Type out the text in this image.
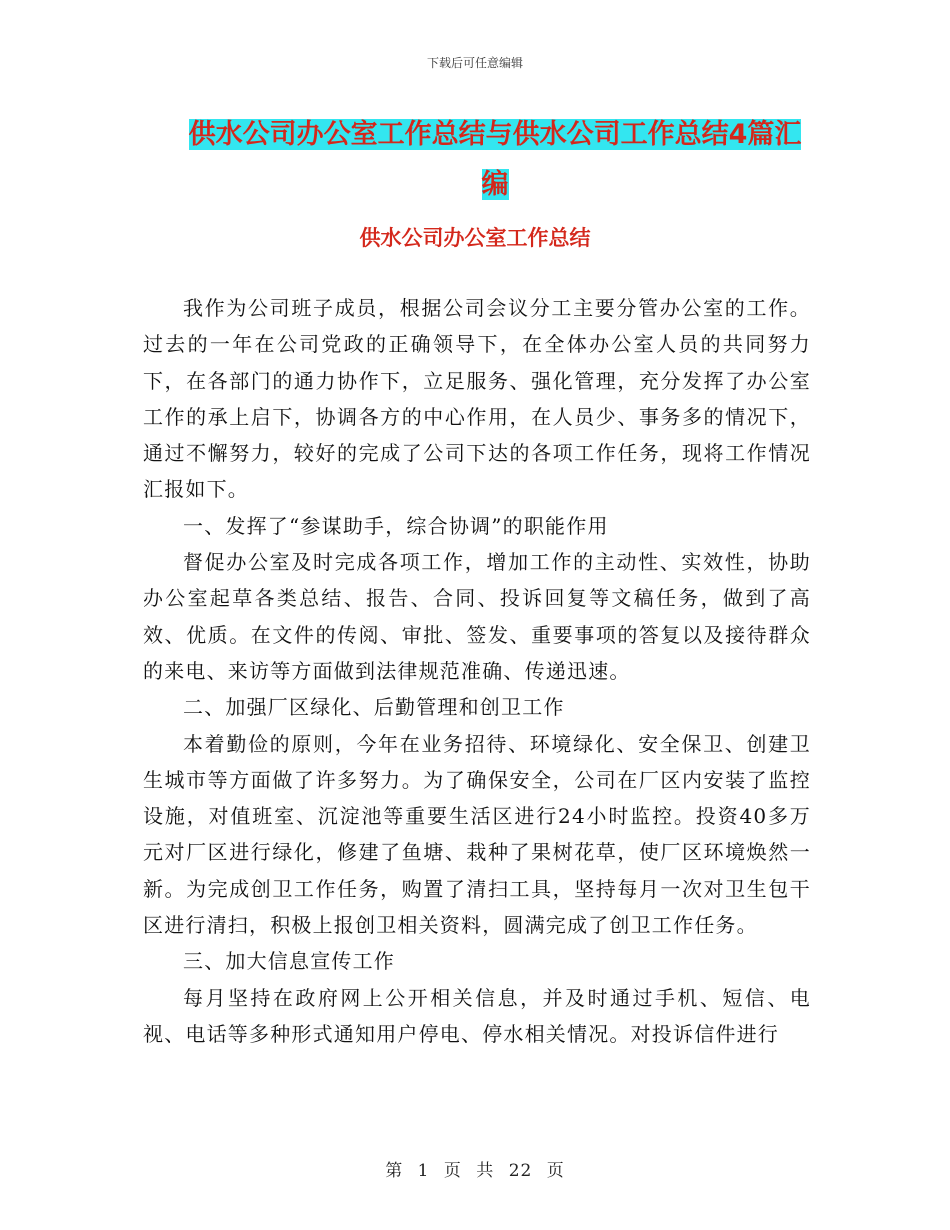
下载后可任意编辑
供水公司办公室工作总结与供水公司工作总结4篇汇
编
供水公司办公室工作总结

我作为公司班子成员，根据公司会议分工主要分管办公室的工作。过去的一年在公司党政的正确领导下，在全体办公室人员的共同努力下，在各部门的通力协作下，立足服务、强化管理，充分发挥了办公室工作的承上启下，协调各方的中心作用，在人员少、事务多的情况下，通过不懈努力，较好的完成了公司下达的各项工作任务，现将工作情况汇报如下。

一、发挥了“参谋助手，综合协调”的职能作用

督促办公室及时完成各项工作，增加工作的主动性、实效性，协助办公室起草各类总结、报告、合同、投诉回复等文稿任务，做到了高效、优质。在文件的传阅、审批、签发、重要事项的答复以及接待群众的来电、来访等方面做到法律规范准确、传递迅速。

二、加强厂区绿化、后勤管理和创卫工作

本着勤俭的原则，今年在业务招待、环境绿化、安全保卫、创建卫生城市等方面做了许多努力。为了确保安全，公司在厂区内安装了监控设施，对值班室、沉淀池等重要生活区进行24小时监控。投资40多万元对厂区进行绿化，修建了鱼塘、栽种了果树花草，使厂区环境焕然一新。为完成创卫工作任务，购置了清扫工具，坚持每月一次对卫生包干区进行清扫，积极上报创卫相关资料，圆满完成了创卫工作任务。

三、加大信息宣传工作

每月坚持在政府网上公开相关信息，并及时通过手机、短信、电视、电话等多种形式通知用户停电、停水相关情况。对投诉信件进行

第 1 页 共 22 页
